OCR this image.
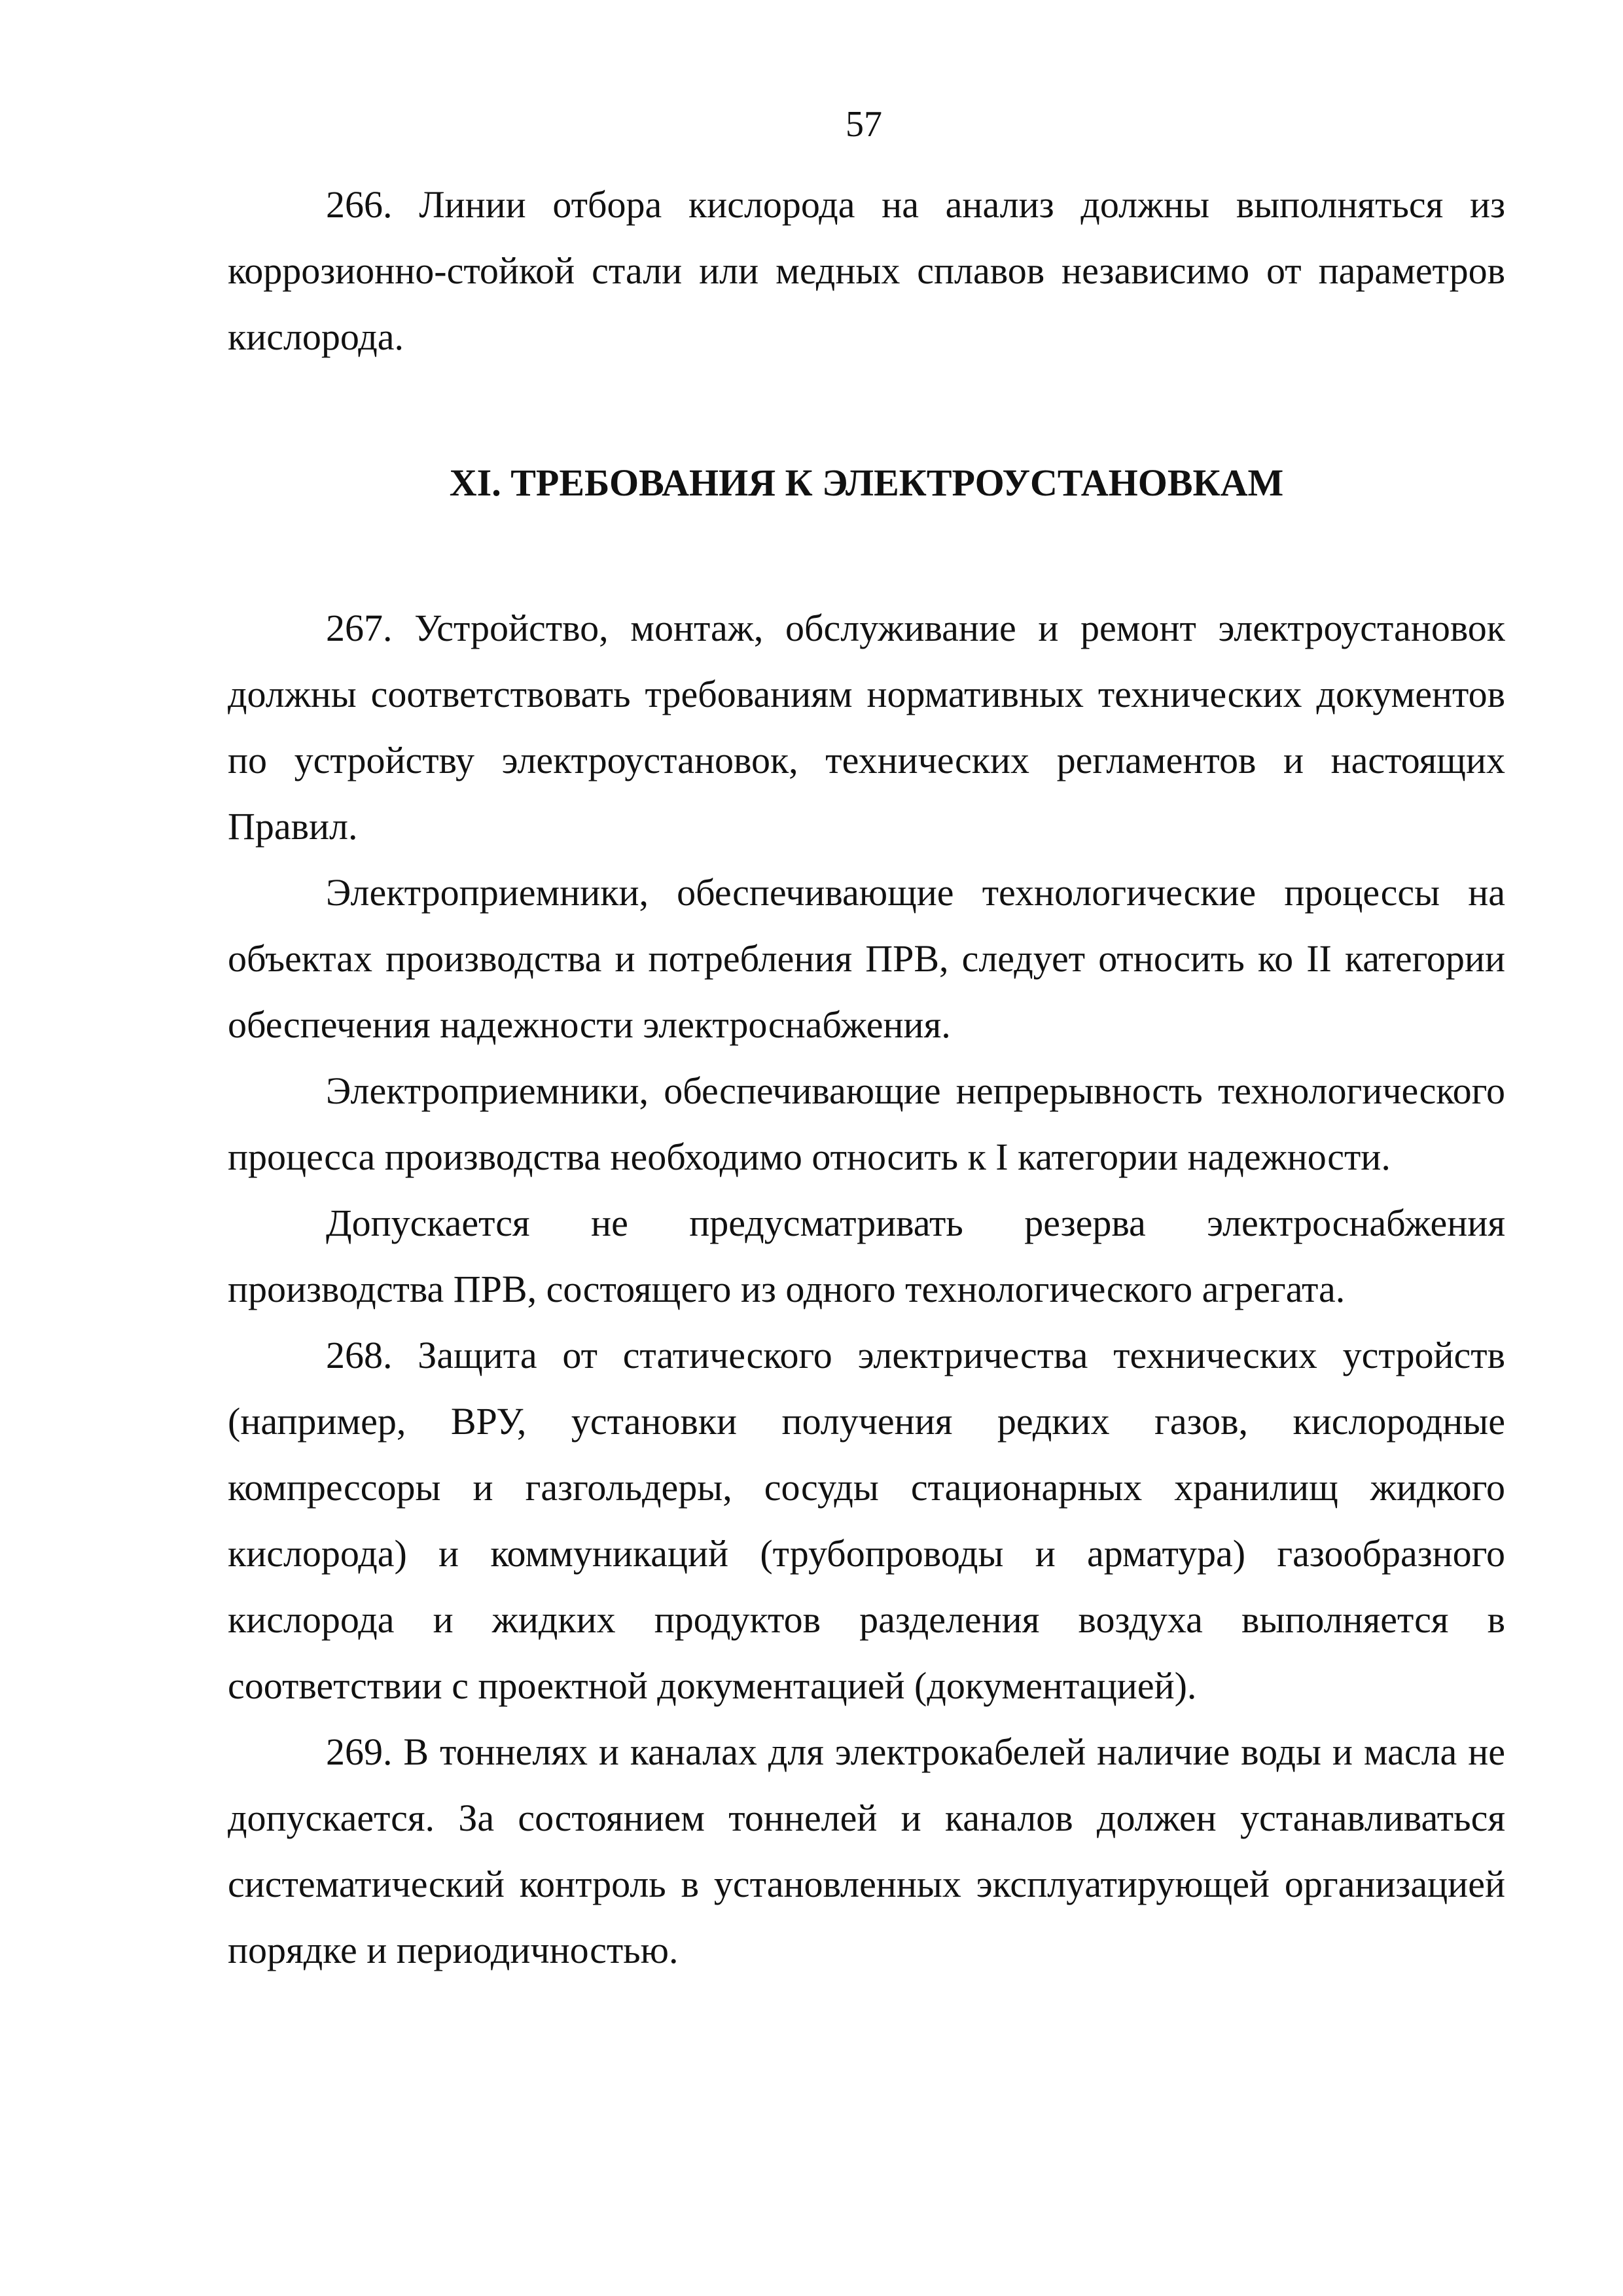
57

266. Линии отбора кислорода на анализ должны выполняться из коррозионно-стойкой стали или медных сплавов независимо от параметров кислорода.

XI. ТРЕБОВАНИЯ К ЭЛЕКТРОУСТАНОВКАМ

267. Устройство, монтаж, обслуживание и ремонт электроустановок должны соответствовать требованиям нормативных технических документов по устройству электроустановок, технических регламентов и настоящих Правил.

Электроприемники, обеспечивающие технологические процессы на объектах производства и потребления ПРВ, следует относить ко II категории обеспечения надежности электроснабжения.

Электроприемники, обеспечивающие непрерывность технологического процесса производства необходимо относить к I категории надежности.

Допускается не предусматривать резерва электроснабжения производства ПРВ, состоящего из одного технологического агрегата.

268. Защита от статического электричества технических устройств (например, ВРУ, установки получения редких газов, кислородные компрессоры и газгольдеры, сосуды стационарных хранилищ жидкого кислорода) и коммуникаций (трубопроводы и арматура) газообразного кислорода и жидких продуктов разделения воздуха выполняется в соответствии с проектной документацией (документацией).

269. В тоннелях и каналах для электрокабелей наличие воды и масла не допускается. За состоянием тоннелей и каналов должен устанавливаться систематический контроль в установленных эксплуатирующей организацией порядке и периодичностью.
